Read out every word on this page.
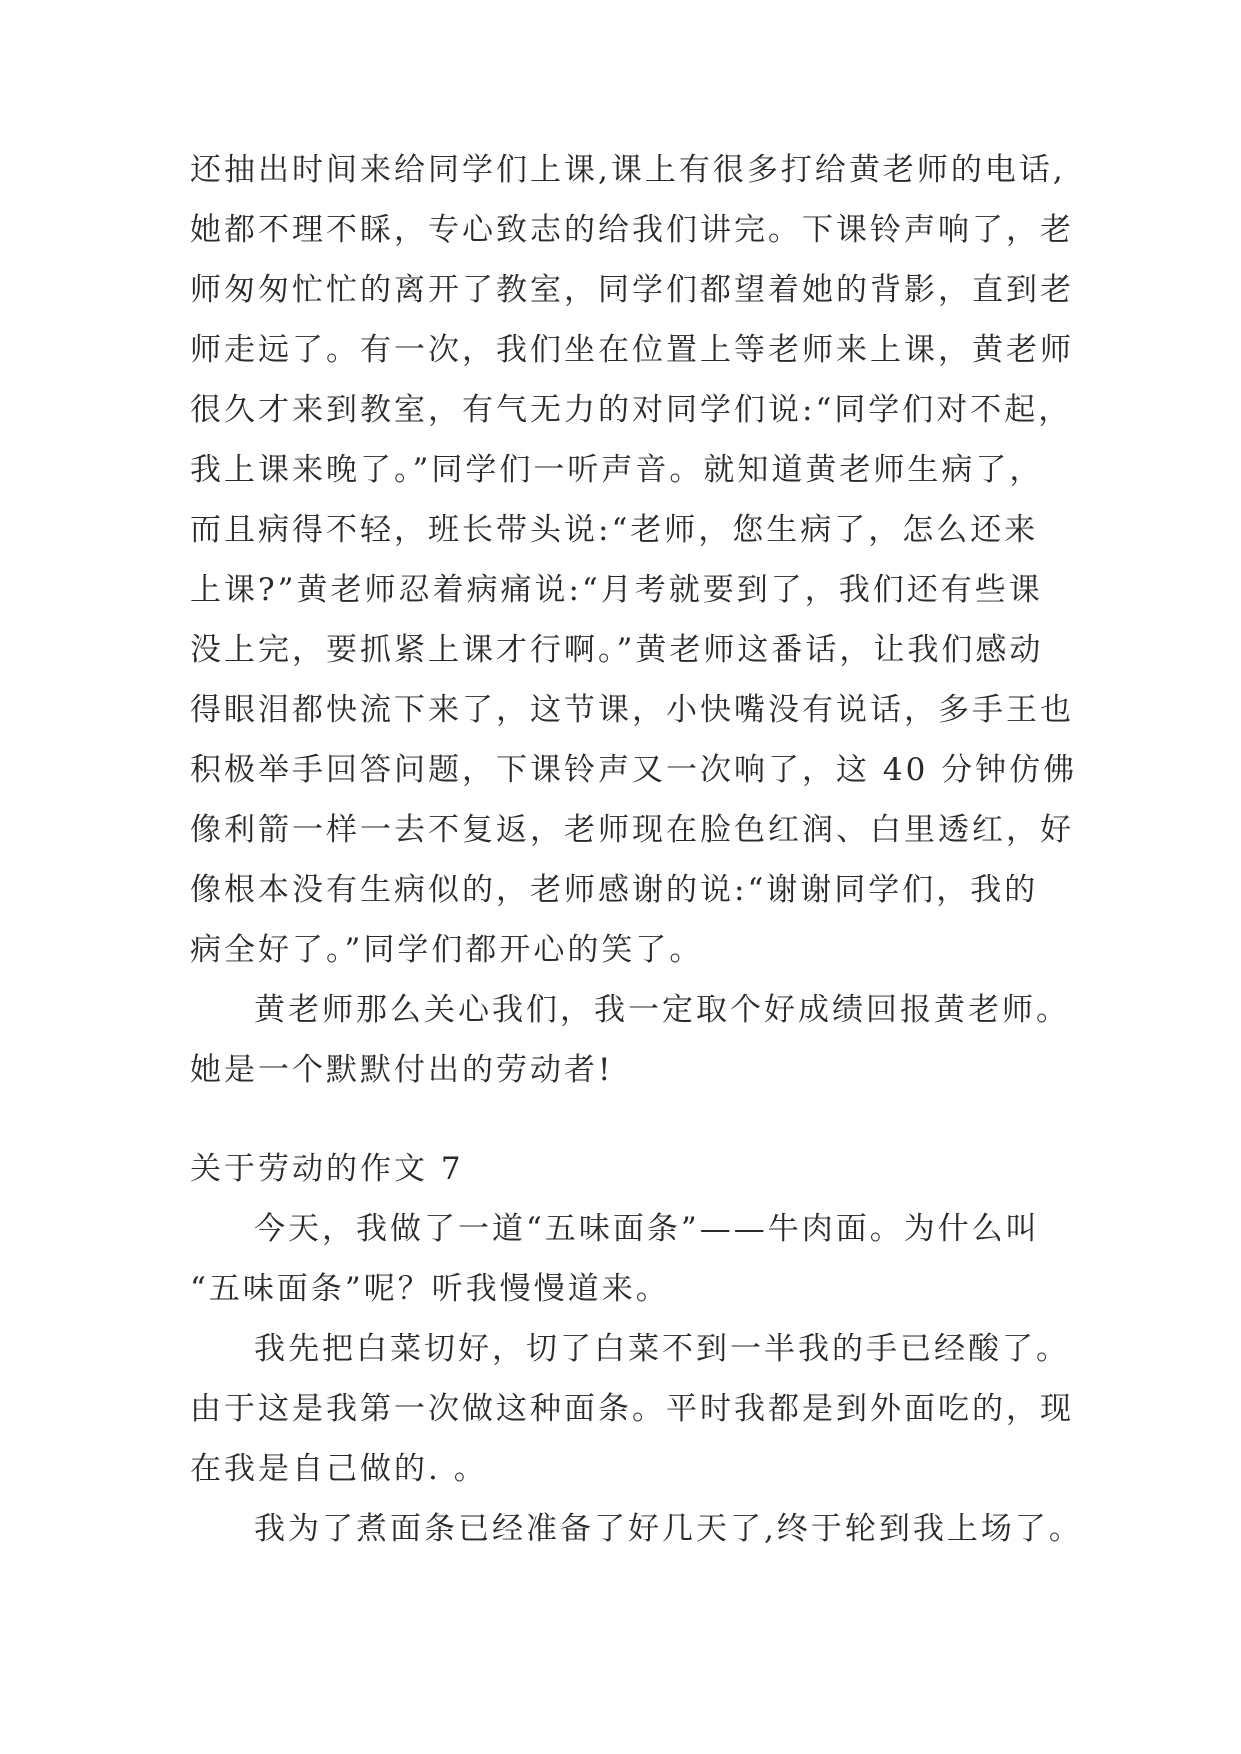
还抽出时间来给同学们上课,课上有很多打给黄老师的电话,
她都不理不睬，专心致志的给我们讲完。下课铃声响了，老
师匆匆忙忙的离开了教室，同学们都望着她的背影，直到老
师走远了。有一次，我们坐在位置上等老师来上课，黄老师
很久才来到教室，有气无力的对同学们说:“同学们对不起，
我上课来晚了。”同学们一听声音。就知道黄老师生病了，
而且病得不轻，班长带头说:“老师，您生病了，怎么还来
上课?”黄老师忍着病痛说:“月考就要到了，我们还有些课
没上完，要抓紧上课才行啊。”黄老师这番话，让我们感动
得眼泪都快流下来了，这节课，小快嘴没有说话，多手王也
积极举手回答问题，下课铃声又一次响了，这 40 分钟仿佛
像利箭一样一去不复返，老师现在脸色红润、白里透红，好
像根本没有生病似的，老师感谢的说:“谢谢同学们，我的
病全好了。”同学们都开心的笑了。
黄老师那么关心我们，我一定取个好成绩回报黄老师。
她是一个默默付出的劳动者!
关于劳动的作文 7
今天，我做了一道“五味面条”——牛肉面。为什么叫
“五味面条”呢？听我慢慢道来。
我先把白菜切好，切了白菜不到一半我的手已经酸了。
由于这是我第一次做这种面条。平时我都是到外面吃的，现
在我是自己做的. 。
我为了煮面条已经准备了好几天了,终于轮到我上场了。
